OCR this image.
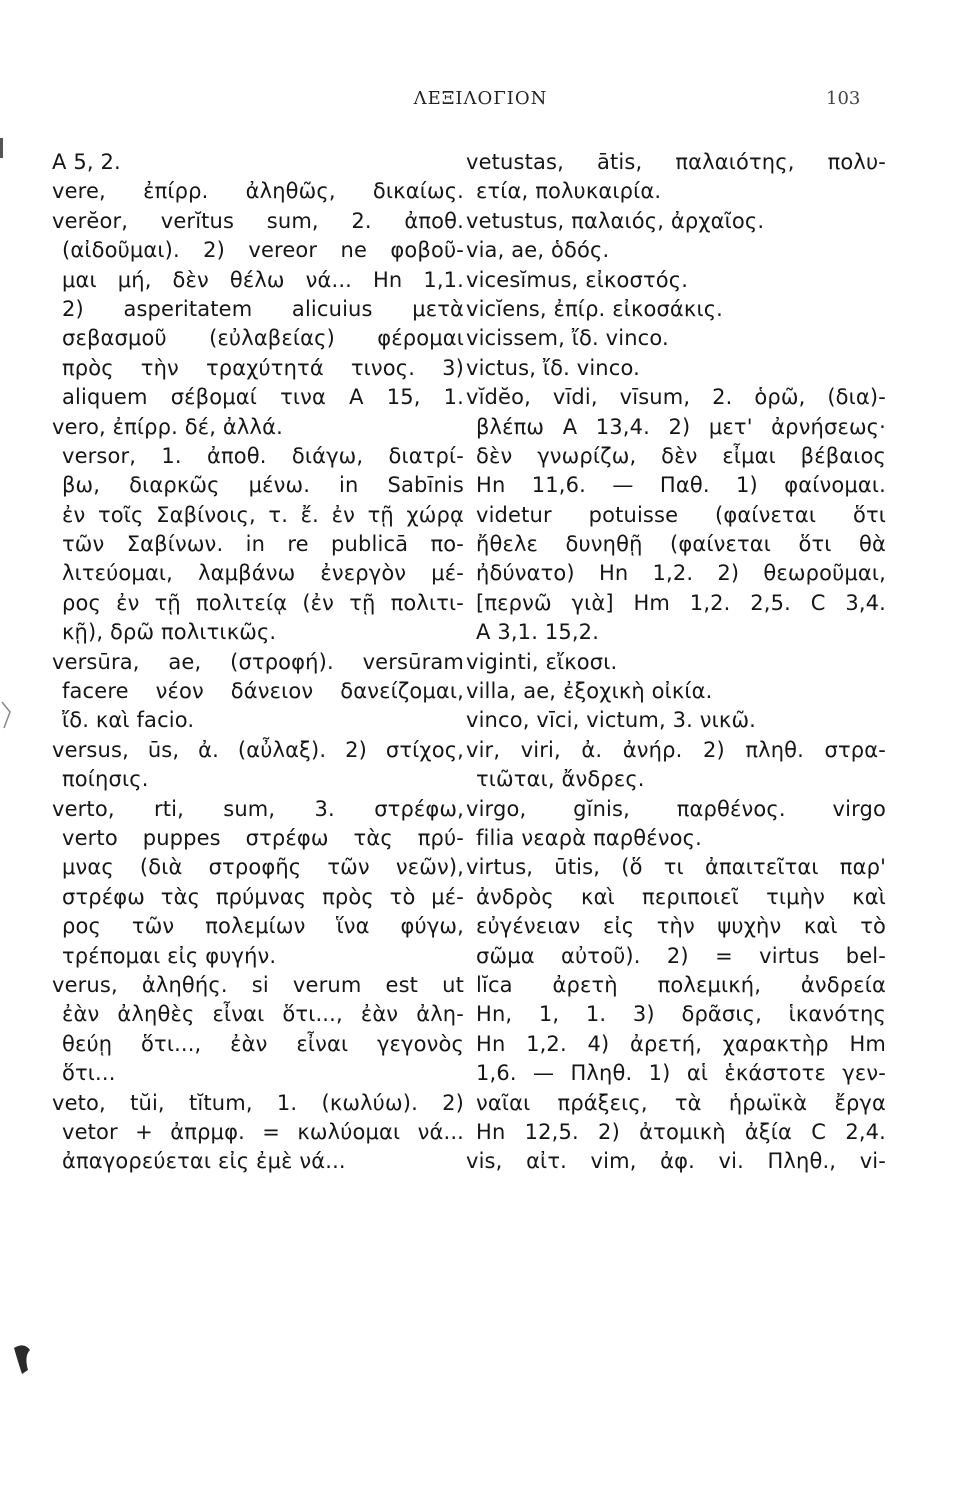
ΛΕΞΙΛΟΓΙΟΝ	103
Α 5, 2.
vere, ἐπίρρ. ἀληθῶς, δικαίως.
verĕor, verĭtus sum, 2. ἀποθ.
(αἰδοῦμαι). 2) vereor ne φοβοῦ-
μαι μή, δὲν θέλω νά... Hn 1,1.
2) asperitatem alicuius μετὰ
σεβασμοῦ (εὐλαβείας) φέρομαι
πρὸς τὴν τραχύτητά τινος. 3)
aliquem σέβομαί τινα Α 15, 1.
vero, ἐπίρρ. δέ, ἀλλά.
versor, 1. ἀποθ. διάγω, διατρί-
βω, διαρκῶς μένω. in Sabīnis
ἐν τοῖς Σαβίνοις, τ. ἔ. ἐν τῇ χώρᾳ
τῶν Σαβίνων. in re publicā πο-
λιτεύομαι, λαμβάνω ἐνεργὸν μέ-
ρος ἐν τῇ πολιτείᾳ (ἐν τῇ πολιτι-
κῇ), δρῶ πολιτικῶς.
versūra, ae, (στροφή). versūram
facere νέον δάνειον δανείζομαι,
ἴδ. καὶ facio.
versus, ūs, ἀ. (αὖλαξ). 2) στίχος,
ποίησις.
verto, rti, sum, 3. στρέφω,
verto puppes στρέφω τὰς πρύ-
μνας (διὰ στροφῆς τῶν νεῶν),
στρέφω τὰς πρύμνας πρὸς τὸ μέ-
ρος τῶν πολεμίων ἵνα φύγω,
τρέπομαι εἰς φυγήν.
verus, ἀληθής. si verum est ut
ἐὰν ἀληθὲς εἶναι ὅτι..., ἐὰν ἀλη-
θεύῃ ὅτι..., ἐὰν εἶναι γεγονὸς
ὅτι...
veto, tŭi, tĭtum, 1. (κωλύω). 2)
vetor + ἀπρμφ. = κωλύομαι νά...
ἀπαγορεύεται εἰς ἐμὲ νά...
vetustas, ātis, παλαιότης, πολυ-
ετία, πολυκαιρία.
vetustus, παλαιός, ἀρχαῖος.
via, ae, ὁδός.
vicesĭmus, εἰκοστός.
vicĭens, ἐπίρ. εἰκοσάκις.
vicissem, ἴδ. vinco.
victus, ἴδ. vinco.
vĭdĕo, vīdi, vīsum, 2. ὁρῶ, (δια)-
βλέπω Α 13,4. 2) μετ' ἀρνήσεως·
δὲν γνωρίζω, δὲν εἶμαι βέβαιος
Hn 11,6. — Παθ. 1) φαίνομαι.
videtur potuisse (φαίνεται ὅτι
ἤθελε δυνηθῇ (φαίνεται ὅτι θὰ
ἠδύνατο) Hn 1,2. 2) θεωροῦμαι,
[περνῶ γιὰ] Hm 1,2. 2,5. C 3,4.
Α 3,1. 15,2.
viginti, εἴκοσι.
villa, ae, ἐξοχικὴ οἰκία.
vinco, vīci, victum, 3. νικῶ.
vir, viri, ἀ. ἀνήρ. 2) πληθ. στρα-
τιῶται, ἄνδρες.
virgo, gĭnis, παρθένος. virgo
filia νεαρὰ παρθένος.
virtus, ūtis, (ὅ τι ἀπαιτεῖται παρ'
ἀνδρὸς καὶ περιποιεῖ τιμὴν καὶ
εὐγένειαν εἰς τὴν ψυχὴν καὶ τὸ
σῶμα αὐτοῦ). 2) = virtus bel-
lĭca ἀρετὴ πολεμική, ἀνδρεία
Hn, 1, 1. 3) δρᾶσις, ἱκανότης
Hn 1,2. 4) ἀρετή, χαρακτὴρ Hm
1,6. — Πληθ. 1) αἱ ἑκάστοτε γεν-
ναῖαι πράξεις, τὰ ἡρωϊκὰ ἔργα
Hn 12,5. 2) ἀτομικὴ ἀξία C 2,4.
vis, αἰτ. vim, ἀφ. vi. Πληθ., vi-
